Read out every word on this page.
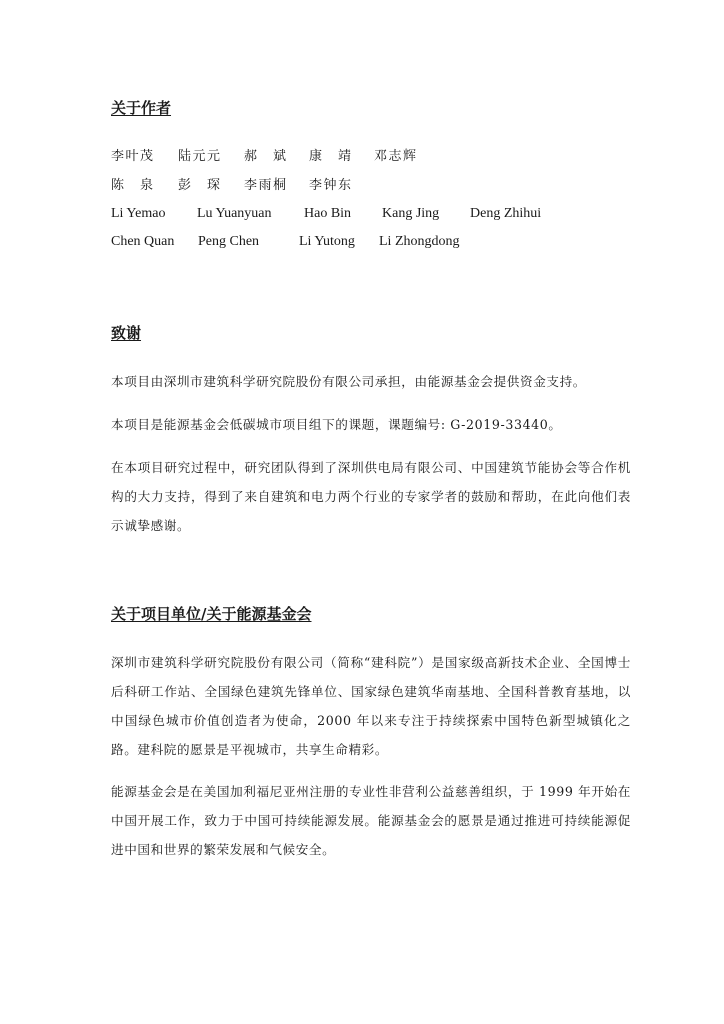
关于作者
李叶茂 陆元元 郝　斌 康　靖 邓志辉
陈　泉 彭　琛 李雨桐 李钟东
Li Yemao Lu Yuanyuan Hao Bin Kang Jing Deng Zhihui
Chen Quan Peng Chen	Li Yutong Li Zhongdong
致谢

本项目由深圳市建筑科学研究院股份有限公司承担，由能源基金会提供资金支持。

本项目是能源基金会低碳城市项目组下的课题，课题编号: G-2019-33440。

在本项目研究过程中，研究团队得到了深圳供电局有限公司、中国建筑节能协会等合作机构的大力支持，得到了来自建筑和电力两个行业的专家学者的鼓励和帮助，在此向他们表示诚挚感谢。

关于项目单位/关于能源基金会

深圳市建筑科学研究院股份有限公司（简称“建科院”）是国家级高新技术企业、全国博士后科研工作站、全国绿色建筑先锋单位、国家绿色建筑华南基地、全国科普教育基地，以中国绿色城市价值创造者为使命，2000 年以来专注于持续探索中国特色新型城镇化之路。建科院的愿景是平视城市，共享生命精彩。

能源基金会是在美国加利福尼亚州注册的专业性非营利公益慈善组织，于 1999 年开始在中国开展工作，致力于中国可持续能源发展。能源基金会的愿景是通过推进可持续能源促进中国和世界的繁荣发展和气候安全。
